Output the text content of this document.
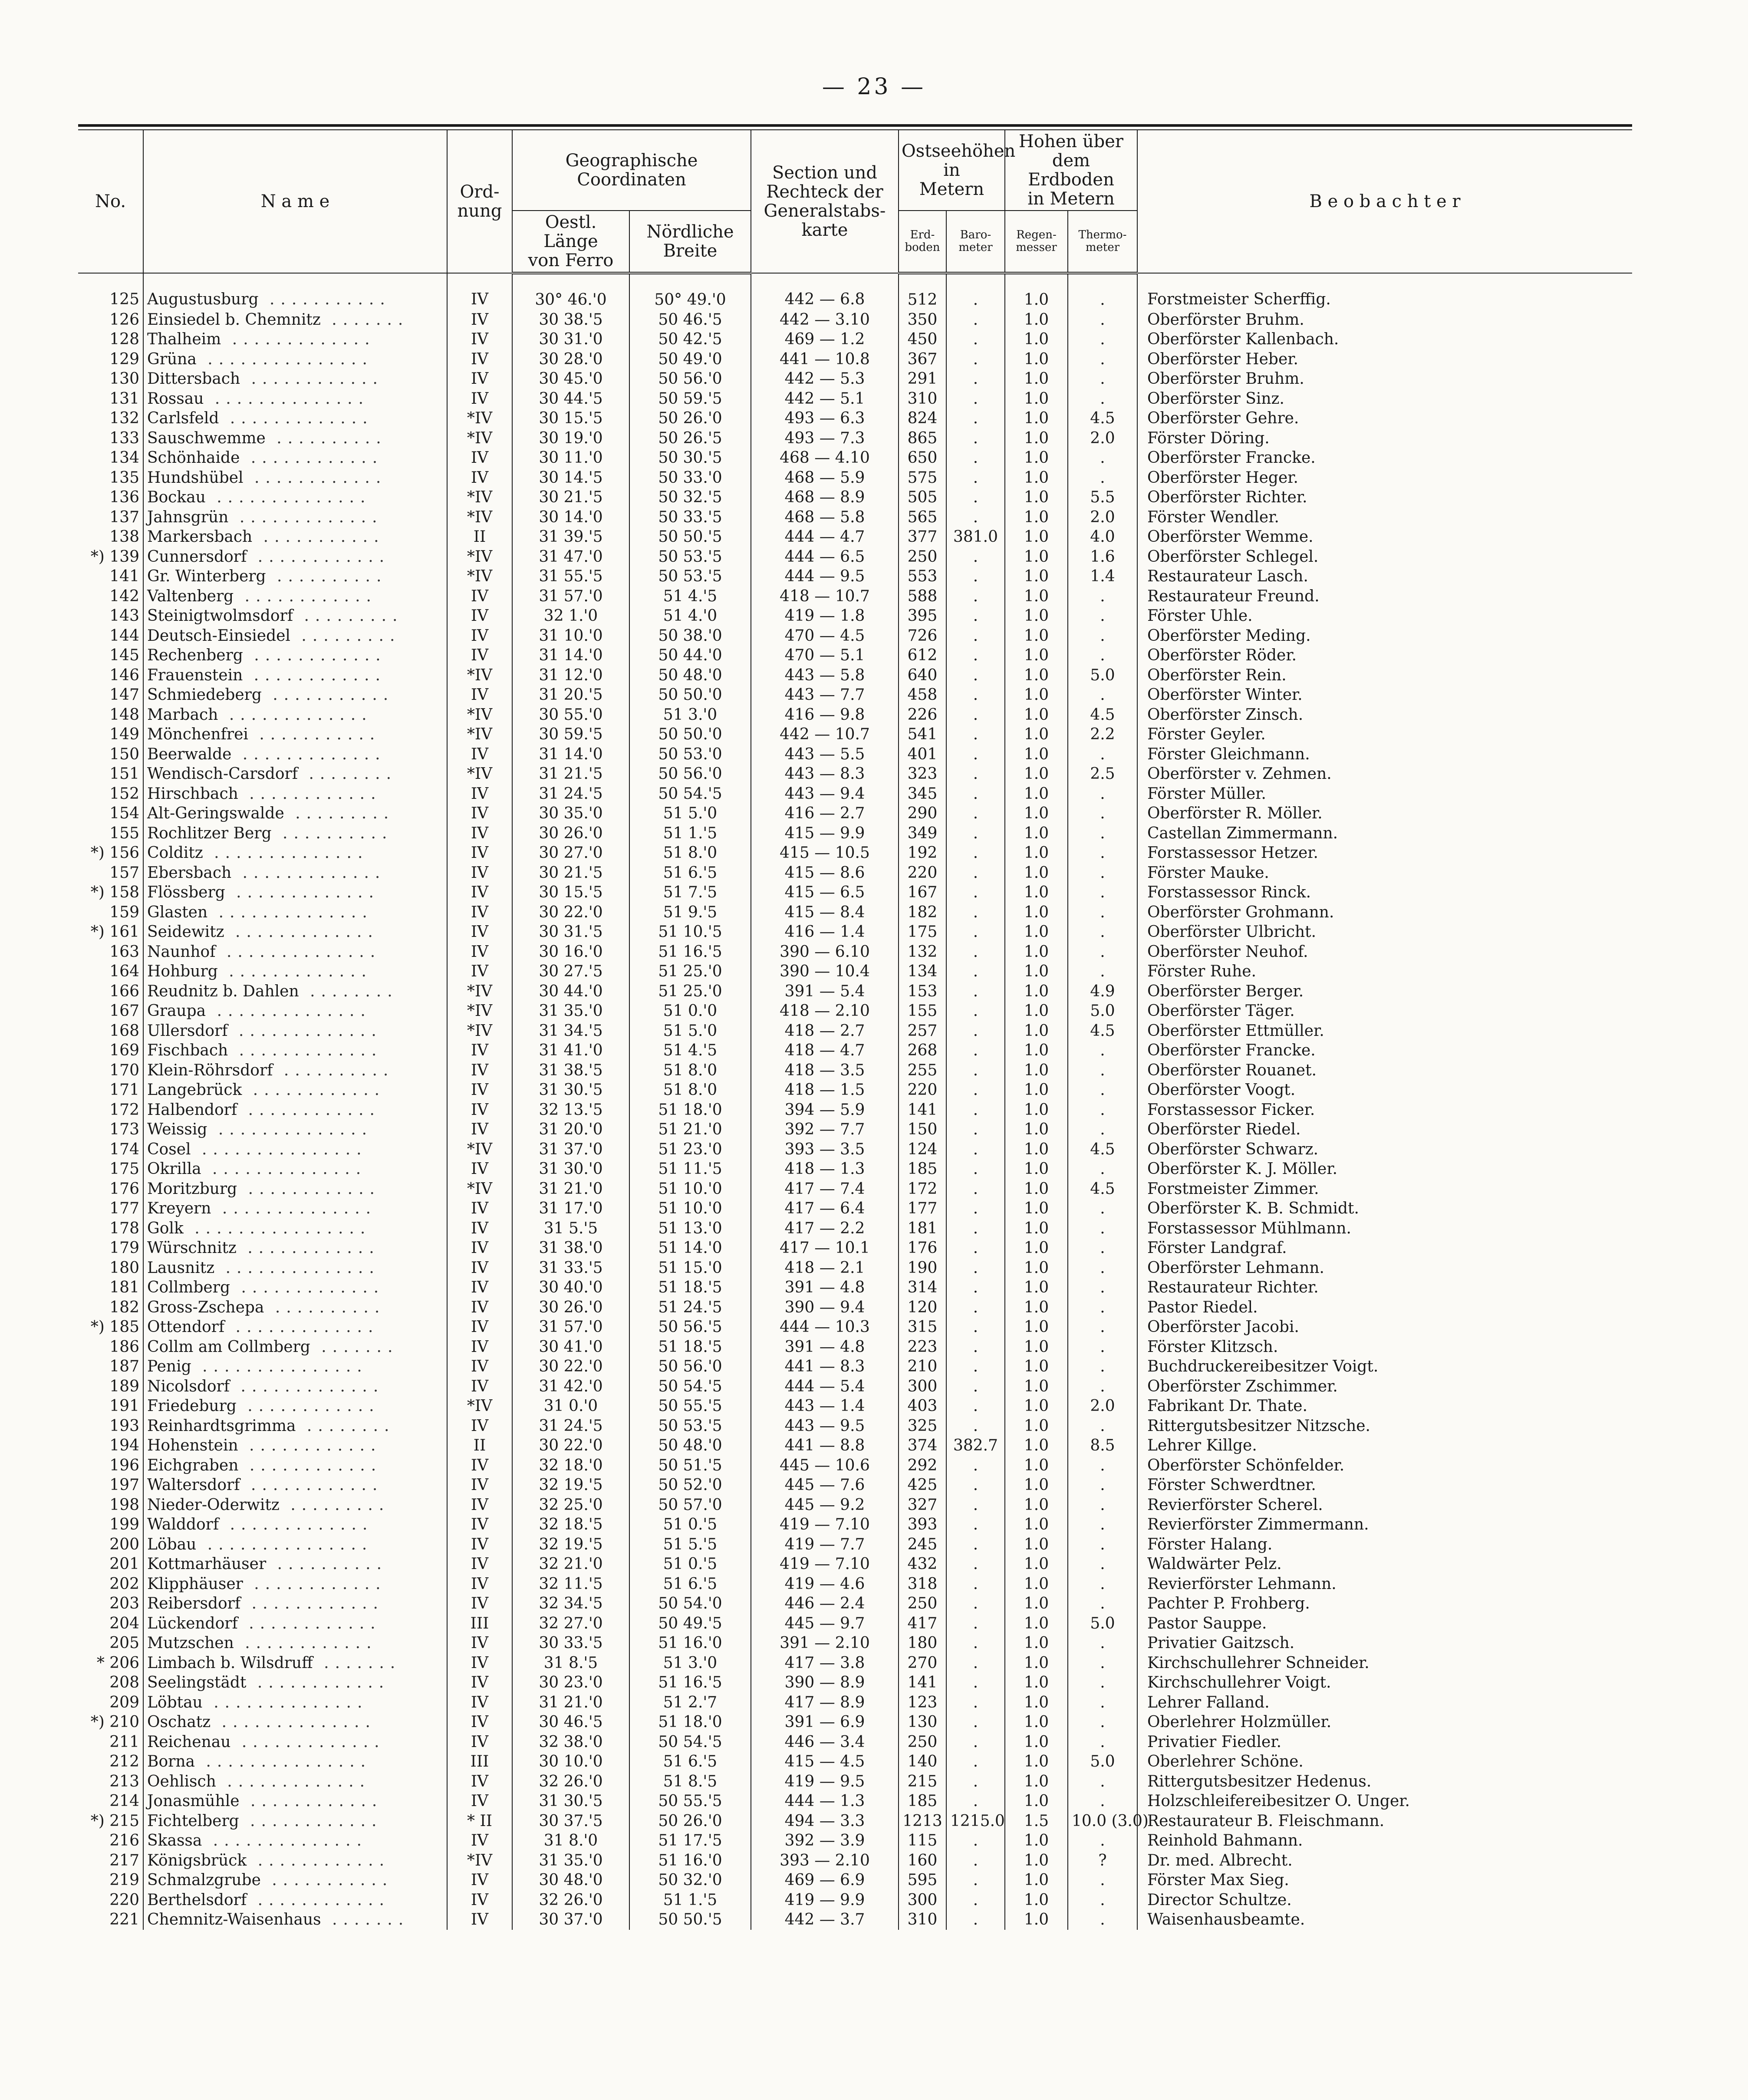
— 23 —
No.	N a m e	Ord-
nung	Geographische
Coordinaten		Section und
Rechteck der
Generalstabs-
karte	Ostseehöhen
in
Metern		Hohen über
dem Erdboden
in Metern		B e o b a c h t e r
			Oestl. Länge
von Ferro	Nördliche
Breite		Erd-
boden	Baro-
meter	Regen-
messer	Thermo-
meter	
125	Augustusburg ...........	IV	30° 46.'0	50° 49.'0	442 — 6.8	512	.	1.0	.	Forstmeister Scherffig.
126	Einsiedel b. Chemnitz .......	IV	30 38.'5	50 46.'5	442 — 3.10	350	.	1.0	.	Oberförster Bruhm.
128	Thalheim .............	IV	30 31.'0	50 42.'5	469 — 1.2	450	.	1.0	.	Oberförster Kallenbach.
129	Grüna ...............	IV	30 28.'0	50 49.'0	441 — 10.8	367	.	1.0	.	Oberförster Heber.
130	Dittersbach ............	IV	30 45.'0	50 56.'0	442 — 5.3	291	.	1.0	.	Oberförster Bruhm.
131	Rossau ..............	IV	30 44.'5	50 59.'5	442 — 5.1	310	.	1.0	.	Oberförster Sinz.
132	Carlsfeld .............	*IV	30 15.'5	50 26.'0	493 — 6.3	824	.	1.0	4.5	Oberförster Gehre.
133	Sauschwemme ..........	*IV	30 19.'0	50 26.'5	493 — 7.3	865	.	1.0	2.0	Förster Döring.
134	Schönhaide ............	IV	30 11.'0	50 30.'5	468 — 4.10	650	.	1.0	.	Oberförster Francke.
135	Hundshübel ............	IV	30 14.'5	50 33.'0	468 — 5.9	575	.	1.0	.	Oberförster Heger.
136	Bockau ..............	*IV	30 21.'5	50 32.'5	468 — 8.9	505	.	1.0	5.5	Oberförster Richter.
137	Jahnsgrün .............	*IV	30 14.'0	50 33.'5	468 — 5.8	565	.	1.0	2.0	Förster Wendler.
138	Markersbach ...........	II	31 39.'5	50 50.'5	444 — 4.7	377	381.0	1.0	4.0	Oberförster Wemme.
*) 139	Cunnersdorf ............	*IV	31 47.'0	50 53.'5	444 — 6.5	250	.	1.0	1.6	Oberförster Schlegel.
141	Gr. Winterberg ..........	*IV	31 55.'5	50 53.'5	444 — 9.5	553	.	1.0	1.4	Restaurateur Lasch.
142	Valtenberg ............	IV	31 57.'0	51 4.'5	418 — 10.7	588	.	1.0	.	Restaurateur Freund.
143	Steinigtwolmsdorf .........	IV	32 1.'0	51 4.'0	419 — 1.8	395	.	1.0	.	Förster Uhle.
144	Deutsch-Einsiedel .........	IV	31 10.'0	50 38.'0	470 — 4.5	726	.	1.0	.	Oberförster Meding.
145	Rechenberg ............	IV	31 14.'0	50 44.'0	470 — 5.1	612	.	1.0	.	Oberförster Röder.
146	Frauenstein ............	*IV	31 12.'0	50 48.'0	443 — 5.8	640	.	1.0	5.0	Oberförster Rein.
147	Schmiedeberg ...........	IV	31 20.'5	50 50.'0	443 — 7.7	458	.	1.0	.	Oberförster Winter.
148	Marbach .............	*IV	30 55.'0	51 3.'0	416 — 9.8	226	.	1.0	4.5	Oberförster Zinsch.
149	Mönchenfrei ...........	*IV	30 59.'5	50 50.'0	442 — 10.7	541	.	1.0	2.2	Förster Geyler.
150	Beerwalde .............	IV	31 14.'0	50 53.'0	443 — 5.5	401	.	1.0	.	Förster Gleichmann.
151	Wendisch-Carsdorf ........	*IV	31 21.'5	50 56.'0	443 — 8.3	323	.	1.0	2.5	Oberförster v. Zehmen.
152	Hirschbach ............	IV	31 24.'5	50 54.'5	443 — 9.4	345	.	1.0	.	Förster Müller.
154	Alt-Geringswalde .........	IV	30 35.'0	51 5.'0	416 — 2.7	290	.	1.0	.	Oberförster R. Möller.
155	Rochlitzer Berg ..........	IV	30 26.'0	51 1.'5	415 — 9.9	349	.	1.0	.	Castellan Zimmermann.
*) 156	Colditz ..............	IV	30 27.'0	51 8.'0	415 — 10.5	192	.	1.0	.	Forstassessor Hetzer.
157	Ebersbach .............	IV	30 21.'5	51 6.'5	415 — 8.6	220	.	1.0	.	Förster Mauke.
*) 158	Flössberg .............	IV	30 15.'5	51 7.'5	415 — 6.5	167	.	1.0	.	Forstassessor Rinck.
159	Glasten ..............	IV	30 22.'0	51 9.'5	415 — 8.4	182	.	1.0	.	Oberförster Grohmann.
*) 161	Seidewitz .............	IV	30 31.'5	51 10.'5	416 — 1.4	175	.	1.0	.	Oberförster Ulbricht.
163	Naunhof ..............	IV	30 16.'0	51 16.'5	390 — 6.10	132	.	1.0	.	Oberförster Neuhof.
164	Hohburg .............	IV	30 27.'5	51 25.'0	390 — 10.4	134	.	1.0	.	Förster Ruhe.
166	Reudnitz b. Dahlen ........	*IV	30 44.'0	51 25.'0	391 — 5.4	153	.	1.0	4.9	Oberförster Berger.
167	Graupa ..............	*IV	31 35.'0	51 0.'0	418 — 2.10	155	.	1.0	5.0	Oberförster Täger.
168	Ullersdorf .............	*IV	31 34.'5	51 5.'0	418 — 2.7	257	.	1.0	4.5	Oberförster Ettmüller.
169	Fischbach .............	IV	31 41.'0	51 4.'5	418 — 4.7	268	.	1.0	.	Oberförster Francke.
170	Klein-Röhrsdorf ..........	IV	31 38.'5	51 8.'0	418 — 3.5	255	.	1.0	.	Oberförster Rouanet.
171	Langebrück ............	IV	31 30.'5	51 8.'0	418 — 1.5	220	.	1.0	.	Oberförster Voogt.
172	Halbendorf ............	IV	32 13.'5	51 18.'0	394 — 5.9	141	.	1.0	.	Forstassessor Ficker.
173	Weissig ..............	IV	31 20.'0	51 21.'0	392 — 7.7	150	.	1.0	.	Oberförster Riedel.
174	Cosel ...............	*IV	31 37.'0	51 23.'0	393 — 3.5	124	.	1.0	4.5	Oberförster Schwarz.
175	Okrilla ..............	IV	31 30.'0	51 11.'5	418 — 1.3	185	.	1.0	.	Oberförster K. J. Möller.
176	Moritzburg ............	*IV	31 21.'0	51 10.'0	417 — 7.4	172	.	1.0	4.5	Forstmeister Zimmer.
177	Kreyern ..............	IV	31 17.'0	51 10.'0	417 — 6.4	177	.	1.0	.	Oberförster K. B. Schmidt.
178	Golk ................	IV	31 5.'5	51 13.'0	417 — 2.2	181	.	1.0	.	Forstassessor Mühlmann.
179	Würschnitz ............	IV	31 38.'0	51 14.'0	417 — 10.1	176	.	1.0	.	Förster Landgraf.
180	Lausnitz ..............	IV	31 33.'5	51 15.'0	418 — 2.1	190	.	1.0	.	Oberförster Lehmann.
181	Collmberg .............	IV	30 40.'0	51 18.'5	391 — 4.8	314	.	1.0	.	Restaurateur Richter.
182	Gross-Zschepa ..........	IV	30 26.'0	51 24.'5	390 — 9.4	120	.	1.0	.	Pastor Riedel.
*) 185	Ottendorf .............	IV	31 57.'0	50 56.'5	444 — 10.3	315	.	1.0	.	Oberförster Jacobi.
186	Collm am Collmberg .......	IV	30 41.'0	51 18.'5	391 — 4.8	223	.	1.0	.	Förster Klitzsch.
187	Penig ...............	IV	30 22.'0	50 56.'0	441 — 8.3	210	.	1.0	.	Buchdruckereibesitzer Voigt.
189	Nicolsdorf .............	IV	31 42.'0	50 54.'5	444 — 5.4	300	.	1.0	.	Oberförster Zschimmer.
191	Friedeburg ............	*IV	31 0.'0	50 55.'5	443 — 1.4	403	.	1.0	2.0	Fabrikant Dr. Thate.
193	Reinhardtsgrimma ........	IV	31 24.'5	50 53.'5	443 — 9.5	325	.	1.0	.	Rittergutsbesitzer Nitzsche.
194	Hohenstein ............	II	30 22.'0	50 48.'0	441 — 8.8	374	382.7	1.0	8.5	Lehrer Killge.
196	Eichgraben ............	IV	32 18.'0	50 51.'5	445 — 10.6	292	.	1.0	.	Oberförster Schönfelder.
197	Waltersdorf ............	IV	32 19.'5	50 52.'0	445 — 7.6	425	.	1.0	.	Förster Schwerdtner.
198	Nieder-Oderwitz .........	IV	32 25.'0	50 57.'0	445 — 9.2	327	.	1.0	.	Revierförster Scherel.
199	Walddorf .............	IV	32 18.'5	51 0.'5	419 — 7.10	393	.	1.0	.	Revierförster Zimmermann.
200	Löbau ...............	IV	32 19.'5	51 5.'5	419 — 7.7	245	.	1.0	.	Förster Halang.
201	Kottmarhäuser ..........	IV	32 21.'0	51 0.'5	419 — 7.10	432	.	1.0	.	Waldwärter Pelz.
202	Klipphäuser ............	IV	32 11.'5	51 6.'5	419 — 4.6	318	.	1.0	.	Revierförster Lehmann.
203	Reibersdorf ............	IV	32 34.'5	50 54.'0	446 — 2.4	250	.	1.0	.	Pachter P. Frohberg.
204	Lückendorf ............	III	32 27.'0	50 49.'5	445 — 9.7	417	.	1.0	5.0	Pastor Sauppe.
205	Mutzschen ............	IV	30 33.'5	51 16.'0	391 — 2.10	180	.	1.0	.	Privatier Gaitzsch.
* 206	Limbach b. Wilsdruff .......	IV	31 8.'5	51 3.'0	417 — 3.8	270	.	1.0	.	Kirchschullehrer Schneider.
208	Seelingstädt ............	IV	30 23.'0	51 16.'5	390 — 8.9	141	.	1.0	.	Kirchschullehrer Voigt.
209	Löbtau ..............	IV	31 21.'0	51 2.'7	417 — 8.9	123	.	1.0	.	Lehrer Falland.
*) 210	Oschatz ..............	IV	30 46.'5	51 18.'0	391 — 6.9	130	.	1.0	.	Oberlehrer Holzmüller.
211	Reichenau .............	IV	32 38.'0	50 54.'5	446 — 3.4	250	.	1.0	.	Privatier Fiedler.
212	Borna ...............	III	30 10.'0	51 6.'5	415 — 4.5	140	.	1.0	5.0	Oberlehrer Schöne.
213	Oehlisch .............	IV	32 26.'0	51 8.'5	419 — 9.5	215	.	1.0	.	Rittergutsbesitzer Hedenus.
214	Jonasmühle ............	IV	31 30.'5	50 55.'5	444 — 1.3	185	.	1.0	.	Holzschleifereibesitzer O. Unger.
*) 215	Fichtelberg ............	* II	30 37.'5	50 26.'0	494 — 3.3	1213	1215.0	1.5	10.0 (3.0)	Restaurateur B. Fleischmann.
216	Skassa ..............	IV	31 8.'0	51 17.'5	392 — 3.9	115	.	1.0	.	Reinhold Bahmann.
217	Königsbrück ............	*IV	31 35.'0	51 16.'0	393 — 2.10	160	.	1.0	?	Dr. med. Albrecht.
219	Schmalzgrube ...........	IV	30 48.'0	50 32.'0	469 — 6.9	595	.	1.0	.	Förster Max Sieg.
220	Berthelsdorf ............	IV	32 26.'0	51 1.'5	419 — 9.9	300	.	1.0	.	Director Schultze.
221	Chemnitz-Waisenhaus .......	IV	30 37.'0	50 50.'5	442 — 3.7	310	.	1.0	.	Waisenhausbeamte.
